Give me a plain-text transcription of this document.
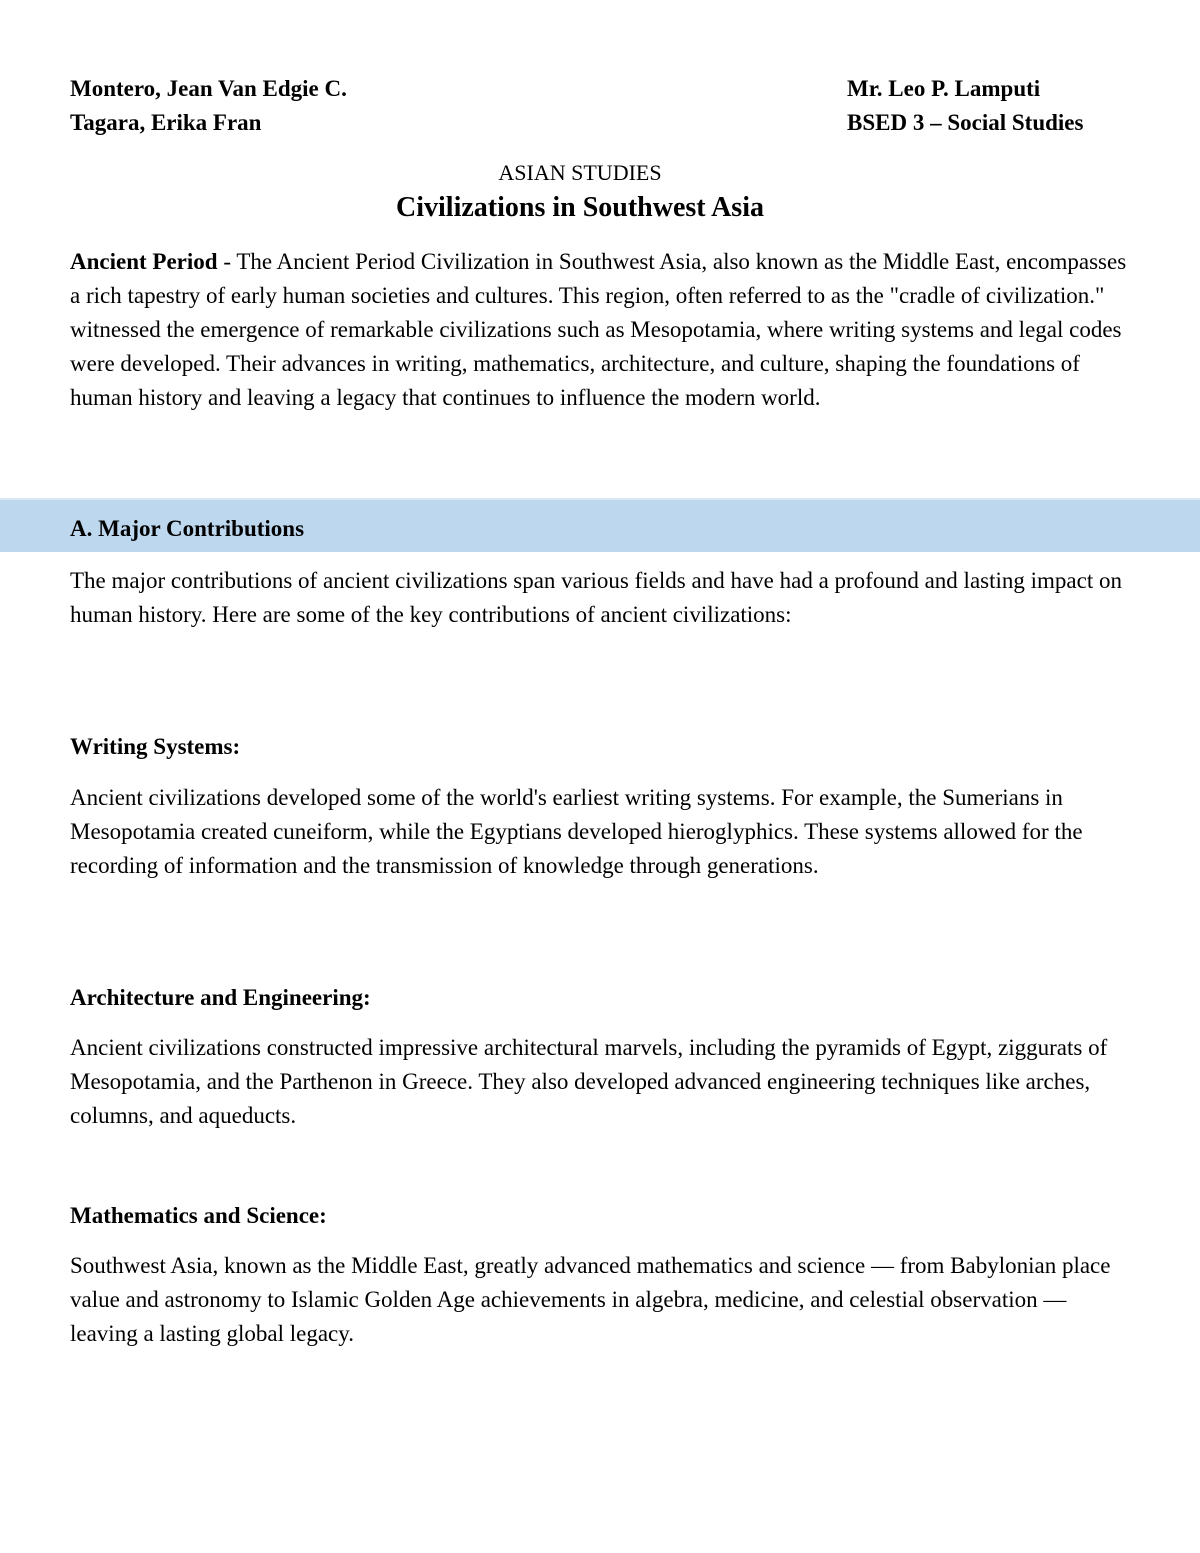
Montero, Jean Van Edgie C.
Tagara, Erika Fran
Mr. Leo P. Lamputi
BSED 3 – Social Studies
ASIAN STUDIES
Civilizations in Southwest Asia

Ancient Period - The Ancient Period Civilization in Southwest Asia, also known as the Middle East, encompasses a rich tapestry of early human societies and cultures. This region, often referred to as the "cradle of civilization." witnessed the emergence of remarkable civilizations such as Mesopotamia, where writing systems and legal codes were developed. Their advances in writing, mathematics, architecture, and culture, shaping the foundations of human history and leaving a legacy that continues to influence the modern world.

A. Major Contributions

The major contributions of ancient civilizations span various fields and have had a profound and lasting impact on human history. Here are some of the key contributions of ancient civilizations:

Writing Systems:

Ancient civilizations developed some of the world's earliest writing systems. For example, the Sumerians in Mesopotamia created cuneiform, while the Egyptians developed hieroglyphics. These systems allowed for the recording of information and the transmission of knowledge through generations.

Architecture and Engineering:

Ancient civilizations constructed impressive architectural marvels, including the pyramids of Egypt, ziggurats of Mesopotamia, and the Parthenon in Greece. They also developed advanced engineering techniques like arches, columns, and aqueducts.

Mathematics and Science:

Southwest Asia, known as the Middle East, greatly advanced mathematics and science — from Babylonian place value and astronomy to Islamic Golden Age achievements in algebra, medicine, and celestial observation — leaving a lasting global legacy.
